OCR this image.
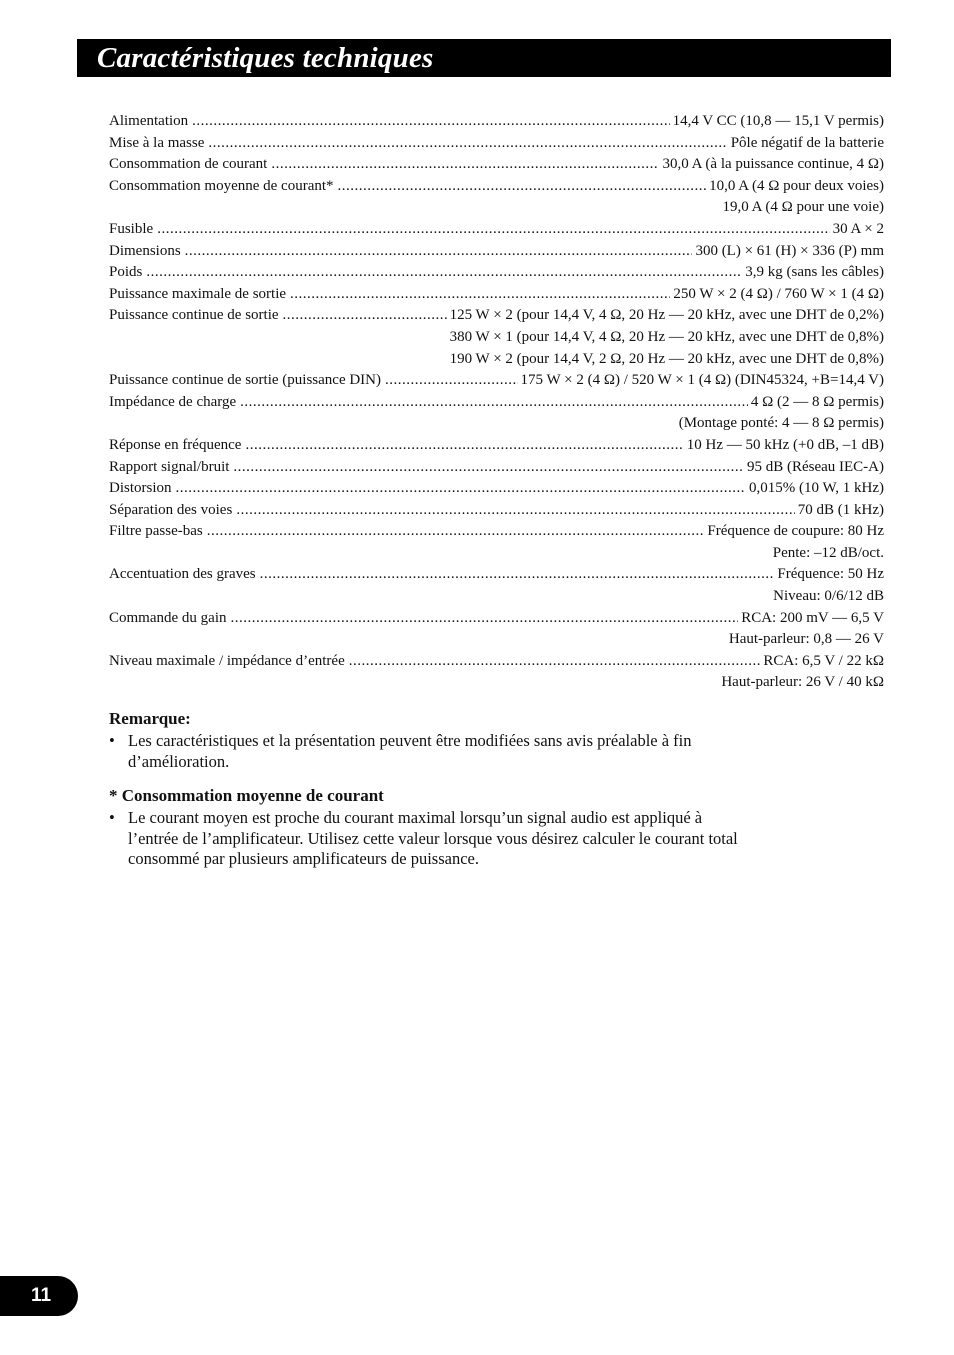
Caractéristiques techniques
Alimentation .....	14,4 V CC (10,8 — 15,1 V permis)
Mise à la masse .....	Pôle négatif de la batterie
Consommation de courant .....	30,0 A (à la puissance continue, 4 Ω)
Consommation moyenne de courant* .....	10,0 A (4 Ω pour deux voies)
19,0 A (4 Ω pour une voie)
Fusible .....	30 A × 2
Dimensions .....	300 (L) × 61 (H) × 336 (P) mm
Poids .....	3,9 kg (sans les câbles)
Puissance maximale de sortie .....	250 W × 2 (4 Ω) / 760 W × 1 (4 Ω)
Puissance continue de sortie .....	125 W × 2 (pour 14,4 V, 4 Ω, 20 Hz — 20 kHz, avec une DHT de 0,2%)
380 W × 1 (pour 14,4 V, 4 Ω, 20 Hz — 20 kHz, avec une DHT de 0,8%)
190 W × 2 (pour 14,4 V, 2 Ω, 20 Hz — 20 kHz, avec une DHT de 0,8%)
Puissance continue de sortie (puissance DIN) .....	175 W × 2 (4 Ω) / 520 W × 1 (4 Ω) (DIN45324, +B=14,4 V)
Impédance de charge .....	4 Ω (2 — 8 Ω permis)
(Montage ponté: 4 — 8 Ω permis)
Réponse en fréquence .....	10 Hz — 50 kHz (+0 dB, –1 dB)
Rapport signal/bruit .....	95 dB (Réseau IEC-A)
Distorsion .....	0,015% (10 W, 1 kHz)
Séparation des voies .....	70 dB (1 kHz)
Filtre passe-bas .....	Fréquence de coupure: 80 Hz
Pente: –12 dB/oct.
Accentuation des graves .....	Fréquence: 50 Hz
Niveau: 0/6/12 dB
Commande du gain .....	RCA: 200 mV — 6,5 V
Haut-parleur: 0,8 — 26 V
Niveau maximale / impédance d’entrée .....	RCA: 6,5 V / 22 kΩ
Haut-parleur: 26 V / 40 kΩ
Remarque:
• Les caractéristiques et la présentation peuvent être modifiées sans avis préalable à fin d’amélioration.
* Consommation moyenne de courant
• Le courant moyen est proche du courant maximal lorsqu’un signal audio est appliqué à l’entrée de l’amplificateur. Utilisez cette valeur lorsque vous désirez calculer le courant total consommé par plusieurs amplificateurs de puissance.
11
